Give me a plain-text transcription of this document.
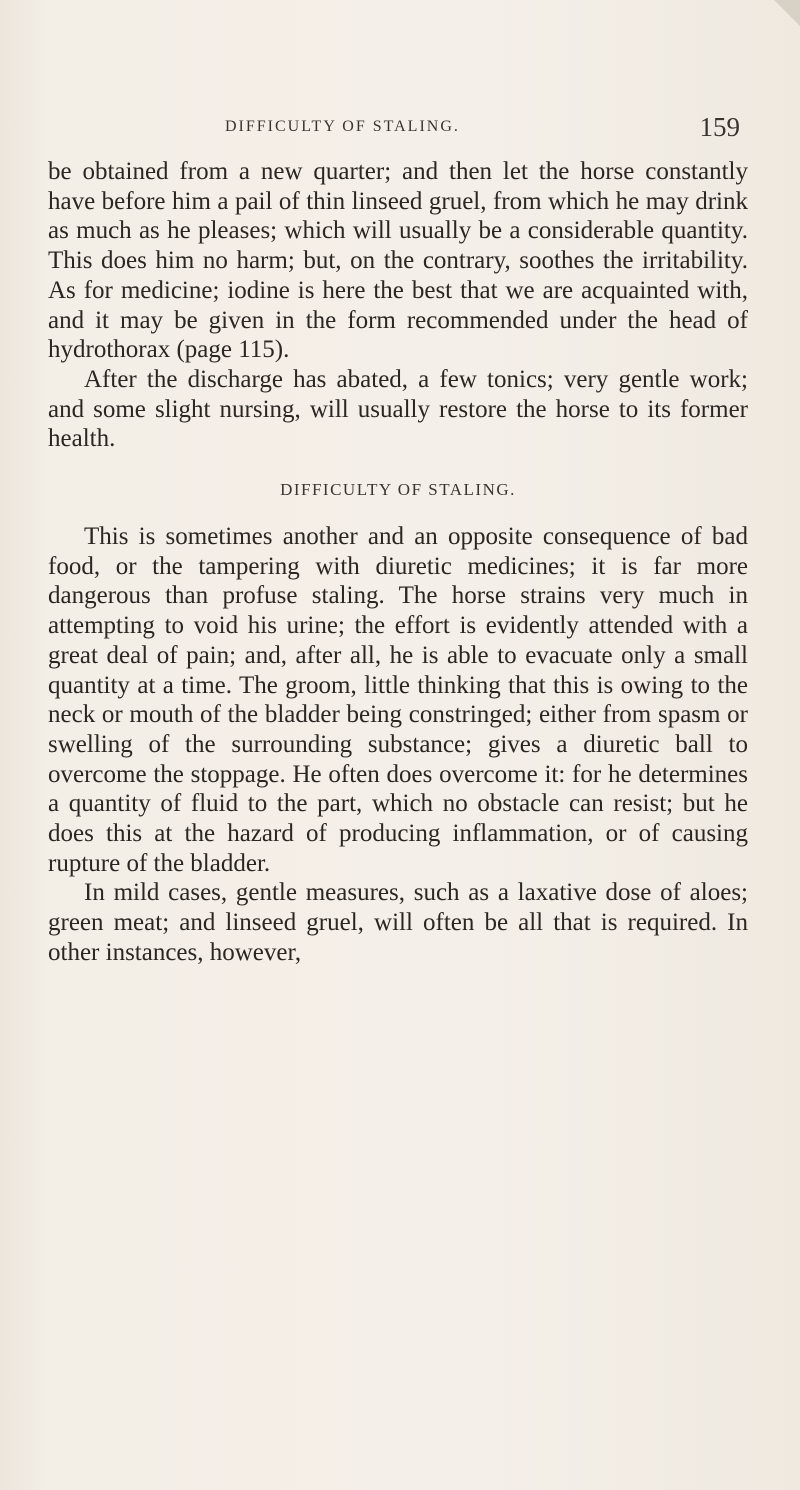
DIFFICULTY OF STALING.	159

be obtained from a new quarter; and then let the horse constantly have before him a pail of thin linseed gruel, from which he may drink as much as he pleases; which will usually be a considerable quantity. This does him no harm; but, on the contrary, soothes the irritability. As for medicine; iodine is here the best that we are acquainted with, and it may be given in the form recommended under the head of hydrothorax (page 115).

After the discharge has abated, a few tonics; very gentle work; and some slight nursing, will usually restore the horse to its former health.

DIFFICULTY OF STALING.

This is sometimes another and an opposite consequence of bad food, or the tampering with diuretic medicines; it is far more dangerous than profuse staling. The horse strains very much in attempting to void his urine; the effort is evidently attended with a great deal of pain; and, after all, he is able to evacuate only a small quantity at a time. The groom, little thinking that this is owing to the neck or mouth of the bladder being constringed; either from spasm or swelling of the surrounding substance; gives a diuretic ball to overcome the stoppage. He often does overcome it: for he determines a quantity of fluid to the part, which no obstacle can resist; but he does this at the hazard of producing inflammation, or of causing rupture of the bladder.

In mild cases, gentle measures, such as a laxative dose of aloes; green meat; and linseed gruel, will often be all that is required. In other instances, however,
